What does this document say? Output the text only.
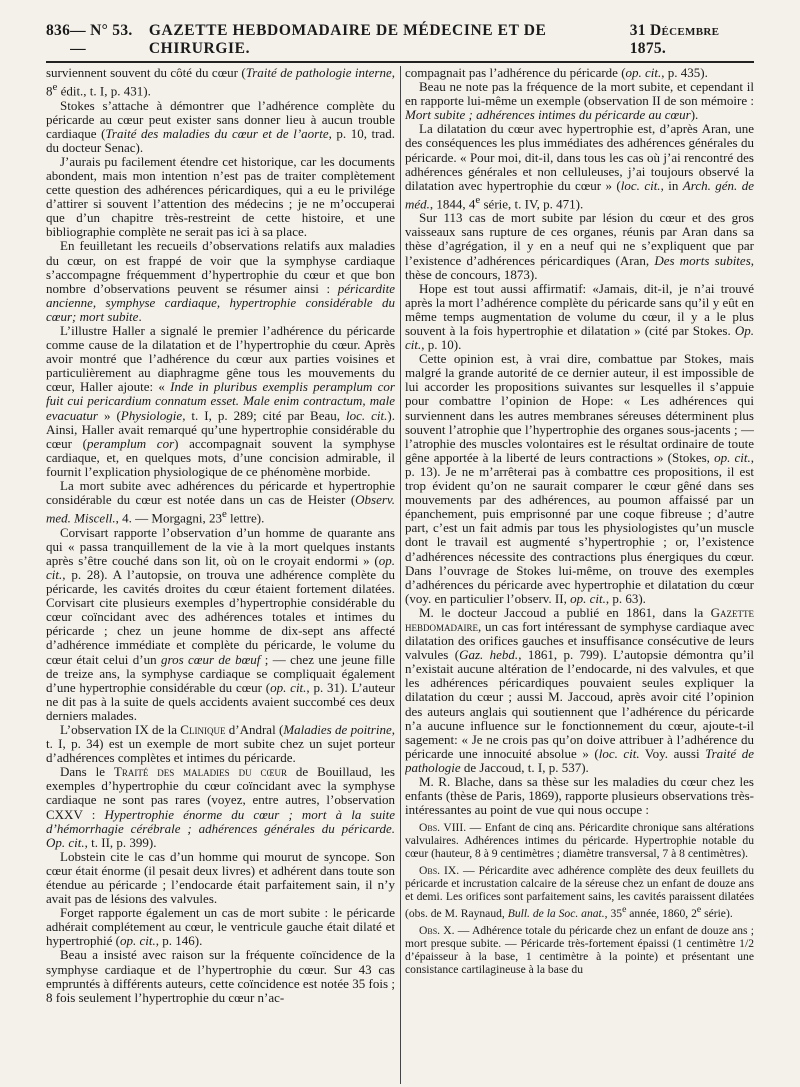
836 — N° 53. —
GAZETTE HEBDOMADAIRE DE MÉDECINE ET DE CHIRURGIE.
31 Décembre 1875.

surviennent souvent du côté du cœur (Traité de pathologie interne, 8e édit., t. I, p. 431).

Stokes s’attache à démontrer que l’adhérence complète du péricarde au cœur peut exister sans donner lieu à aucun trouble cardiaque (Traité des maladies du cœur et de l’aorte, p. 10, trad. du docteur Senac).

J’aurais pu facilement étendre cet historique, car les documents abondent, mais mon intention n’est pas de traiter complètement cette question des adhérences péricardiques, qui a eu le privilége d’attirer si souvent l’attention des médecins ; je ne m’occuperai que d’un chapitre très-restreint de cette histoire, et une bibliographie complète ne serait pas ici à sa place.

En feuilletant les recueils d’observations relatifs aux maladies du cœur, on est frappé de voir que la symphyse cardiaque s’accompagne fréquemment d’hypertrophie du cœur et que bon nombre d’observations peuvent se résumer ainsi : péricardite ancienne, symphyse cardiaque, hypertrophie considérable du cœur; mort subite.

L’illustre Haller a signalé le premier l’adhérence du péricarde comme cause de la dilatation et de l’hypertrophie du cœur. Après avoir montré que l’adhérence du cœur aux parties voisines et particulièrement au diaphragme gêne tous les mouvements du cœur, Haller ajoute: « Inde in pluribus exemplis peramplum cor fuit cui pericardium connatum esset. Male enim contractum, male evacuatur » (Physiologie, t. I, p. 289; cité par Beau, loc. cit.). Ainsi, Haller avait remarqué qu’une hypertrophie considérable du cœur (peramplum cor) accompagnait souvent la symphyse cardiaque, et, en quelques mots, d’une concision admirable, il fournit l’explication physiologique de ce phénomène morbide.

La mort subite avec adhérences du péricarde et hypertrophie considérable du cœur est notée dans un cas de Heister (Observ. med. Miscell., 4. — Morgagni, 23e lettre).

Corvisart rapporte l’observation d’un homme de quarante ans qui « passa tranquillement de la vie à la mort quelques instants après s’être couché dans son lit, où on le croyait endormi » (op. cit., p. 28). A l’autopsie, on trouva une adhérence complète du péricarde, les cavités droites du cœur étaient fortement dilatées. Corvisart cite plusieurs exemples d’hypertrophie considérable du cœur coïncidant avec des adhérences totales et intimes du péricarde ; chez un jeune homme de dix-sept ans affecté d’adhérence immédiate et complète du péricarde, le volume du cœur était celui d’un gros cœur de bœuf ; — chez une jeune fille de treize ans, la symphyse cardiaque se compliquait également d’une hypertrophie considérable du cœur (op. cit., p. 31). L’auteur ne dit pas à la suite de quels accidents avaient succombé ces deux derniers malades.

L’observation IX de la Clinique d’Andral (Maladies de poitrine, t. I, p. 34) est un exemple de mort subite chez un sujet porteur d’adhérences complètes et intimes du péricarde.

Dans le Traité des maladies du cœur de Bouillaud, les exemples d’hypertrophie du cœur coïncidant avec la symphyse cardiaque ne sont pas rares (voyez, entre autres, l’observation CXXV : Hypertrophie énorme du cœur ; mort à la suite d’hémorrhagie cérébrale ; adhérences générales du péricarde. Op. cit., t. II, p. 399).

Lobstein cite le cas d’un homme qui mourut de syncope. Son cœur était énorme (il pesait deux livres) et adhérent dans toute son étendue au péricarde ; l’endocarde était parfaitement sain, il n’y avait pas de lésions des valvules.

Forget rapporte également un cas de mort subite : le péricarde adhérait complétement au cœur, le ventricule gauche était dilaté et hypertrophié (op. cit., p. 146).

Beau a insisté avec raison sur la fréquente coïncidence de la symphyse cardiaque et de l’hypertrophie du cœur. Sur 43 cas empruntés à différents auteurs, cette coïncidence est notée 35 fois ; 8 fois seulement l’hypertrophie du cœur n’ac-

compagnait pas l’adhérence du péricarde (op. cit., p. 435).

Beau ne note pas la fréquence de la mort subite, et cependant il en rapporte lui-même un exemple (observation II de son mémoire : Mort subite ; adhérences intimes du péricarde au cœur).

La dilatation du cœur avec hypertrophie est, d’après Aran, une des conséquences les plus immédiates des adhérences générales du péricarde. « Pour moi, dit-il, dans tous les cas où j’ai rencontré des adhérences générales et non celluleuses, j’ai toujours observé la dilatation avec hypertrophie du cœur » (loc. cit., in Arch. gén. de méd., 1844, 4e série, t. IV, p. 471).

Sur 113 cas de mort subite par lésion du cœur et des gros vaisseaux sans rupture de ces organes, réunis par Aran dans sa thèse d’agrégation, il y en a neuf qui ne s’expliquent que par l’existence d’adhérences péricardiques (Aran, Des morts subites, thèse de concours, 1873).

Hope est tout aussi affirmatif: «Jamais, dit-il, je n’ai trouvé après la mort l’adhérence complète du péricarde sans qu’il y eût en même temps augmentation de volume du cœur, il y a le plus souvent à la fois hypertrophie et dilatation » (cité par Stokes. Op. cit., p. 10).

Cette opinion est, à vrai dire, combattue par Stokes, mais malgré la grande autorité de ce dernier auteur, il est impossible de lui accorder les propositions suivantes sur lesquelles il s’appuie pour combattre l’opinion de Hope: « Les adhérences qui surviennent dans les autres membranes séreuses déterminent plus souvent l’atrophie que l’hypertrophie des organes sous-jacents ; — l’atrophie des muscles volontaires est le résultat ordinaire de toute gêne apportée à la liberté de leurs contractions » (Stokes, op. cit., p. 13). Je ne m’arrêterai pas à combattre ces propositions, il est trop évident qu’on ne saurait comparer le cœur gêné dans ses mouvements par des adhérences, au poumon affaissé par un épanchement, puis emprisonné par une coque fibreuse ; d’autre part, c’est un fait admis par tous les physiologistes qu’un muscle dont le travail est augmenté s’hypertrophie ; or, l’existence d’adhérences nécessite des contractions plus énergiques du cœur. Dans l’ouvrage de Stokes lui-même, on trouve des exemples d’adhérences du péricarde avec hypertrophie et dilatation du cœur (voy. en particulier l’observ. II, op. cit., p. 63).

M. le docteur Jaccoud a publié en 1861, dans la Gazette hebdomadaire, un cas fort intéressant de symphyse cardiaque avec dilatation des orifices gauches et insuffisance consécutive de leurs valvules (Gaz. hebd., 1861, p. 799). L’autopsie démontra qu’il n’existait aucune altération de l’endocarde, ni des valvules, et que les adhérences péricardiques pouvaient seules expliquer la dilatation du cœur ; aussi M. Jaccoud, après avoir cité l’opinion des auteurs anglais qui soutiennent que l’adhérence du péricarde n’a aucune influence sur le fonctionnement du cœur, ajoute-t-il sagement: « Je ne crois pas qu’on doive attribuer à l’adhérence du péricarde une innocuité absolue » (loc. cit. Voy. aussi Traité de pathologie de Jaccoud, t. I, p. 537).

M. R. Blache, dans sa thèse sur les maladies du cœur chez les enfants (thèse de Paris, 1869), rapporte plusieurs observations très-intéressantes au point de vue qui nous occupe :

Obs. VIII. — Enfant de cinq ans. Péricardite chronique sans altérations valvulaires. Adhérences intimes du péricarde. Hypertrophie notable du cœur (hauteur, 8 à 9 centimètres ; diamètre transversal, 7 à 8 centimètres).

Obs. IX. — Péricardite avec adhérence complète des deux feuillets du péricarde et incrustation calcaire de la séreuse chez un enfant de douze ans et demi. Les orifices sont parfaitement sains, les cavités paraissent dilatées (obs. de M. Raynaud, Bull. de la Soc. anat., 35e année, 1860, 2e série).

Obs. X. — Adhérence totale du péricarde chez un enfant de douze ans ; mort presque subite. — Péricarde très-fortement épaissi (1 centimètre 1/2 d’épaisseur à la base, 1 centimètre à la pointe) et présentant une consistance cartilagineuse à la base du
